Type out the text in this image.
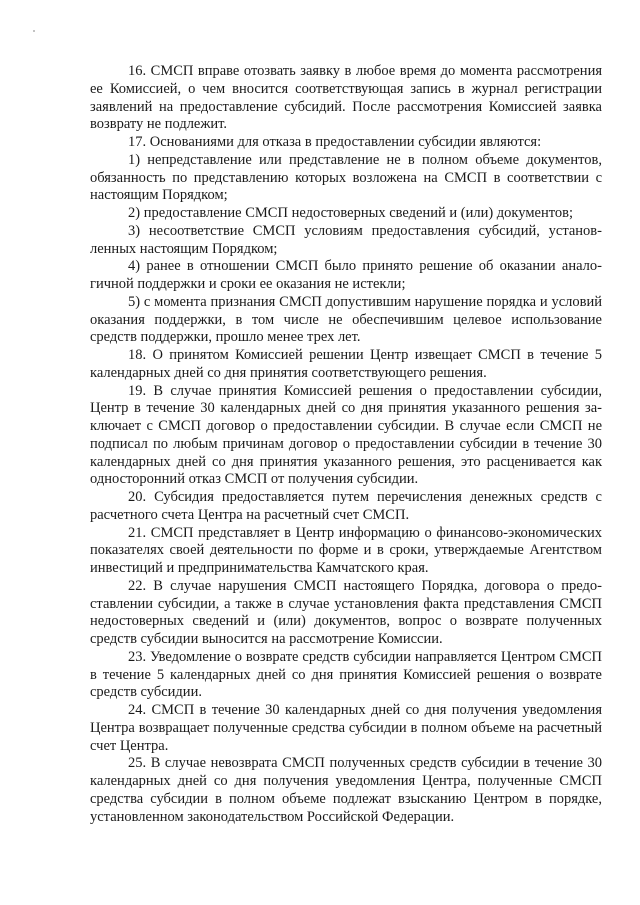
16. СМСП вправе отозвать заявку в любое время до момента рассмотрения ее Комиссией, о чем вносится соответствующая запись в журнал регистрации заявлений на предоставление субсидий. После рассмотрения Комиссией заявка возврату не подлежит.

17. Основаниями для отказа в предоставлении субсидии являются:

1) непредставление или представление не в полном объеме документов, обязанность по представлению которых возложена на СМСП в соответствии с настоящим Порядком;

2) предоставление СМСП недостоверных сведений и (или) документов;

3) несоответствие СМСП условиям предоставления субсидий, установленных настоящим Порядком;

4) ранее в отношении СМСП было принято решение об оказании аналогичной поддержки и сроки ее оказания не истекли;

5) с момента признания СМСП допустившим нарушение порядка и условий оказания поддержки, в том числе не обеспечившим целевое использование средств поддержки, прошло менее трех лет.

18. О принятом Комиссией решении Центр извещает СМСП в течение 5 календарных дней со дня принятия соответствующего решения.

19. В случае принятия Комиссией решения о предоставлении субсидии, Центр в течение 30 календарных дней со дня принятия указанного решения заключает с СМСП договор о предоставлении субсидии. В случае если СМСП не подписал по любым причинам договор о предоставлении субсидии в течение 30 календарных дней со дня принятия указанного решения, это расценивается как односторонний отказ СМСП от получения субсидии.

20. Субсидия предоставляется путем перечисления денежных средств с расчетного счета Центра на расчетный счет СМСП.

21. СМСП представляет в Центр информацию о финансово-экономических показателях своей деятельности по форме и в сроки, утверждаемые Агентством инвестиций и предпринимательства Камчатского края.

22. В случае нарушения СМСП настоящего Порядка, договора о предоставлении субсидии, а также в случае установления факта представления СМСП недостоверных сведений и (или) документов, вопрос о возврате полученных средств субсидии выносится на рассмотрение Комиссии.

23. Уведомление о возврате средств субсидии направляется Центром СМСП в течение 5 календарных дней со дня принятия Комиссией решения о возврате средств субсидии.

24. СМСП в течение 30 календарных дней со дня получения уведомления Центра возвращает полученные средства субсидии в полном объеме на расчетный счет Центра.

25. В случае невозврата СМСП полученных средств субсидии в течение 30 календарных дней со дня получения уведомления Центра, полученные СМСП средства субсидии в полном объеме подлежат взысканию Центром в порядке, установленном законодательством Российской Федерации.
